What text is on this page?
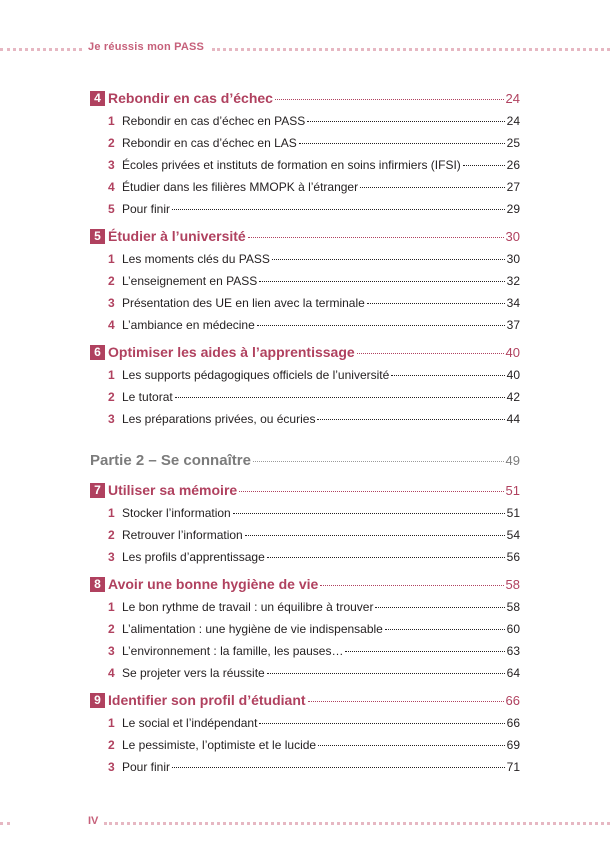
Je réussis mon PASS
4 Rebondir en cas d’échec	24
1 Rebondir en cas d’échec en PASS	24
2 Rebondir en cas d’échec en LAS	25
3 Écoles privées et instituts de formation en soins infirmiers (IFSI)	26
4 Étudier dans les filières MMOPK à l’étranger	27
5 Pour finir	29
5 Étudier à l’université	30
1 Les moments clés du PASS	30
2 L’enseignement en PASS	32
3 Présentation des UE en lien avec la terminale	34
4 L’ambiance en médecine	37
6 Optimiser les aides à l’apprentissage	40
1 Les supports pédagogiques officiels de l’université	40
2 Le tutorat	42
3 Les préparations privées, ou écuries	44
Partie 2 – Se connaître	49
7 Utiliser sa mémoire	51
1 Stocker l’information	51
2 Retrouver l’information	54
3 Les profils d’apprentissage	56
8 Avoir une bonne hygiène de vie	58
1 Le bon rythme de travail : un équilibre à trouver	58
2 L’alimentation : une hygiène de vie indispensable	60
3 L’environnement : la famille, les pauses…	63
4 Se projeter vers la réussite	64
9 Identifier son profil d’étudiant	66
1 Le social et l’indépendant	66
2 Le pessimiste, l’optimiste et le lucide	69
3 Pour finir	71
IV
